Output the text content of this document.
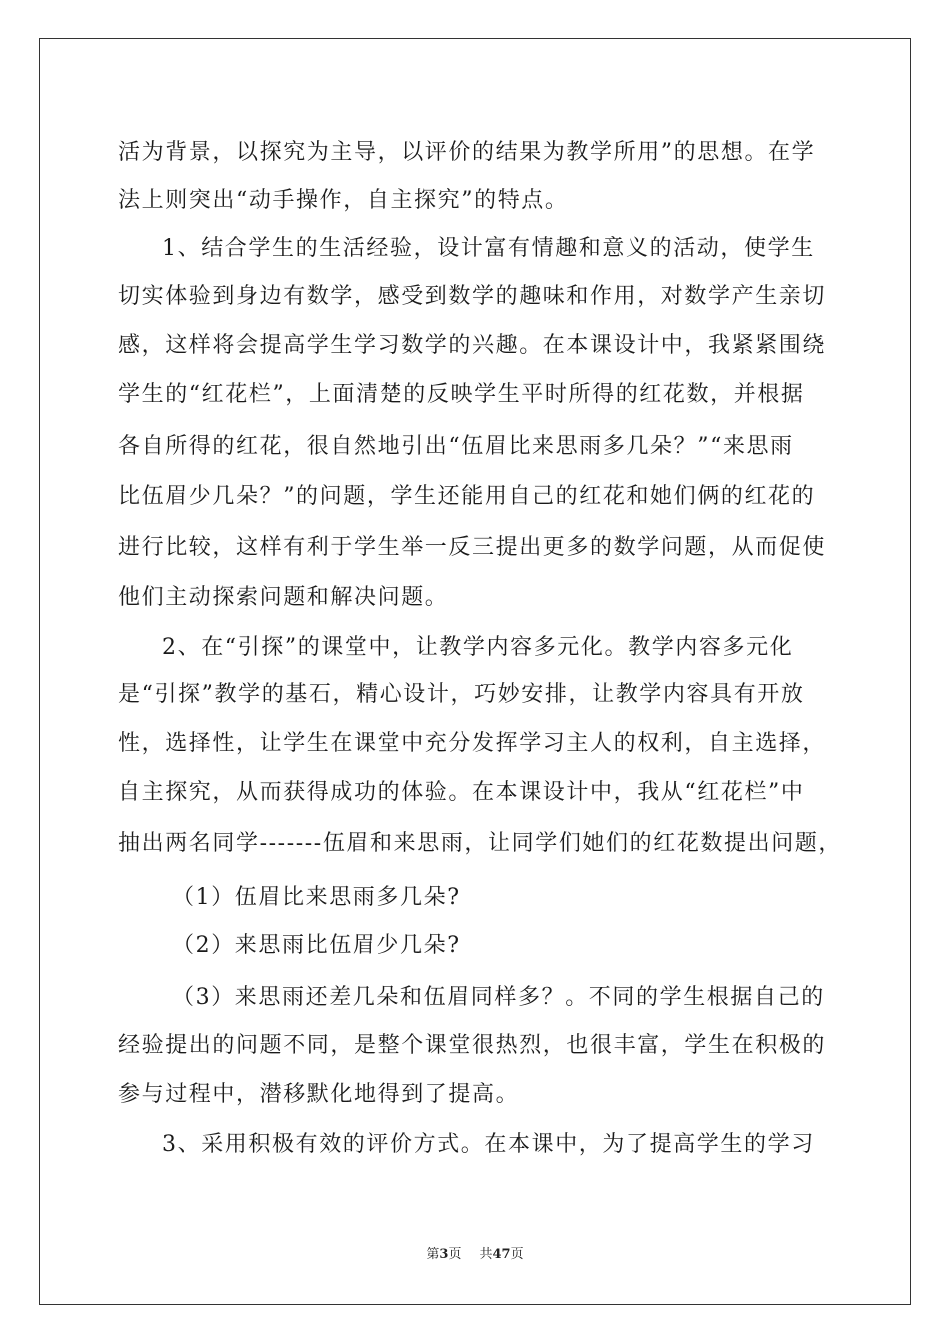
活为背景，以探究为主导，以评价的结果为教学所用”的思想。在学
法上则突出“动手操作，自主探究”的特点。
1、结合学生的生活经验，设计富有情趣和意义的活动，使学生
切实体验到身边有数学，感受到数学的趣味和作用，对数学产生亲切
感，这样将会提高学生学习数学的兴趣。在本课设计中，我紧紧围绕
学生的“红花栏”，上面清楚的反映学生平时所得的红花数，并根据
各自所得的红花，很自然地引出“伍眉比来思雨多几朵？”“来思雨
比伍眉少几朵？”的问题，学生还能用自己的红花和她们俩的红花的
进行比较，这样有利于学生举一反三提出更多的数学问题，从而促使
他们主动探索问题和解决问题。
2、在“引探”的课堂中，让教学内容多元化。教学内容多元化
是“引探”教学的基石，精心设计，巧妙安排，让教学内容具有开放
性，选择性，让学生在课堂中充分发挥学习主人的权利，自主选择，
自主探究，从而获得成功的体验。在本课设计中，我从“红花栏”中
抽出两名同学-------伍眉和来思雨，让同学们她们的红花数提出问题，
（1）伍眉比来思雨多几朵?
（2）来思雨比伍眉少几朵?
（3）来思雨还差几朵和伍眉同样多？。不同的学生根据自己的
经验提出的问题不同，是整个课堂很热烈，也很丰富，学生在积极的
参与过程中，潜移默化地得到了提高。
3、采用积极有效的评价方式。在本课中，为了提高学生的学习
第3页 共47页
